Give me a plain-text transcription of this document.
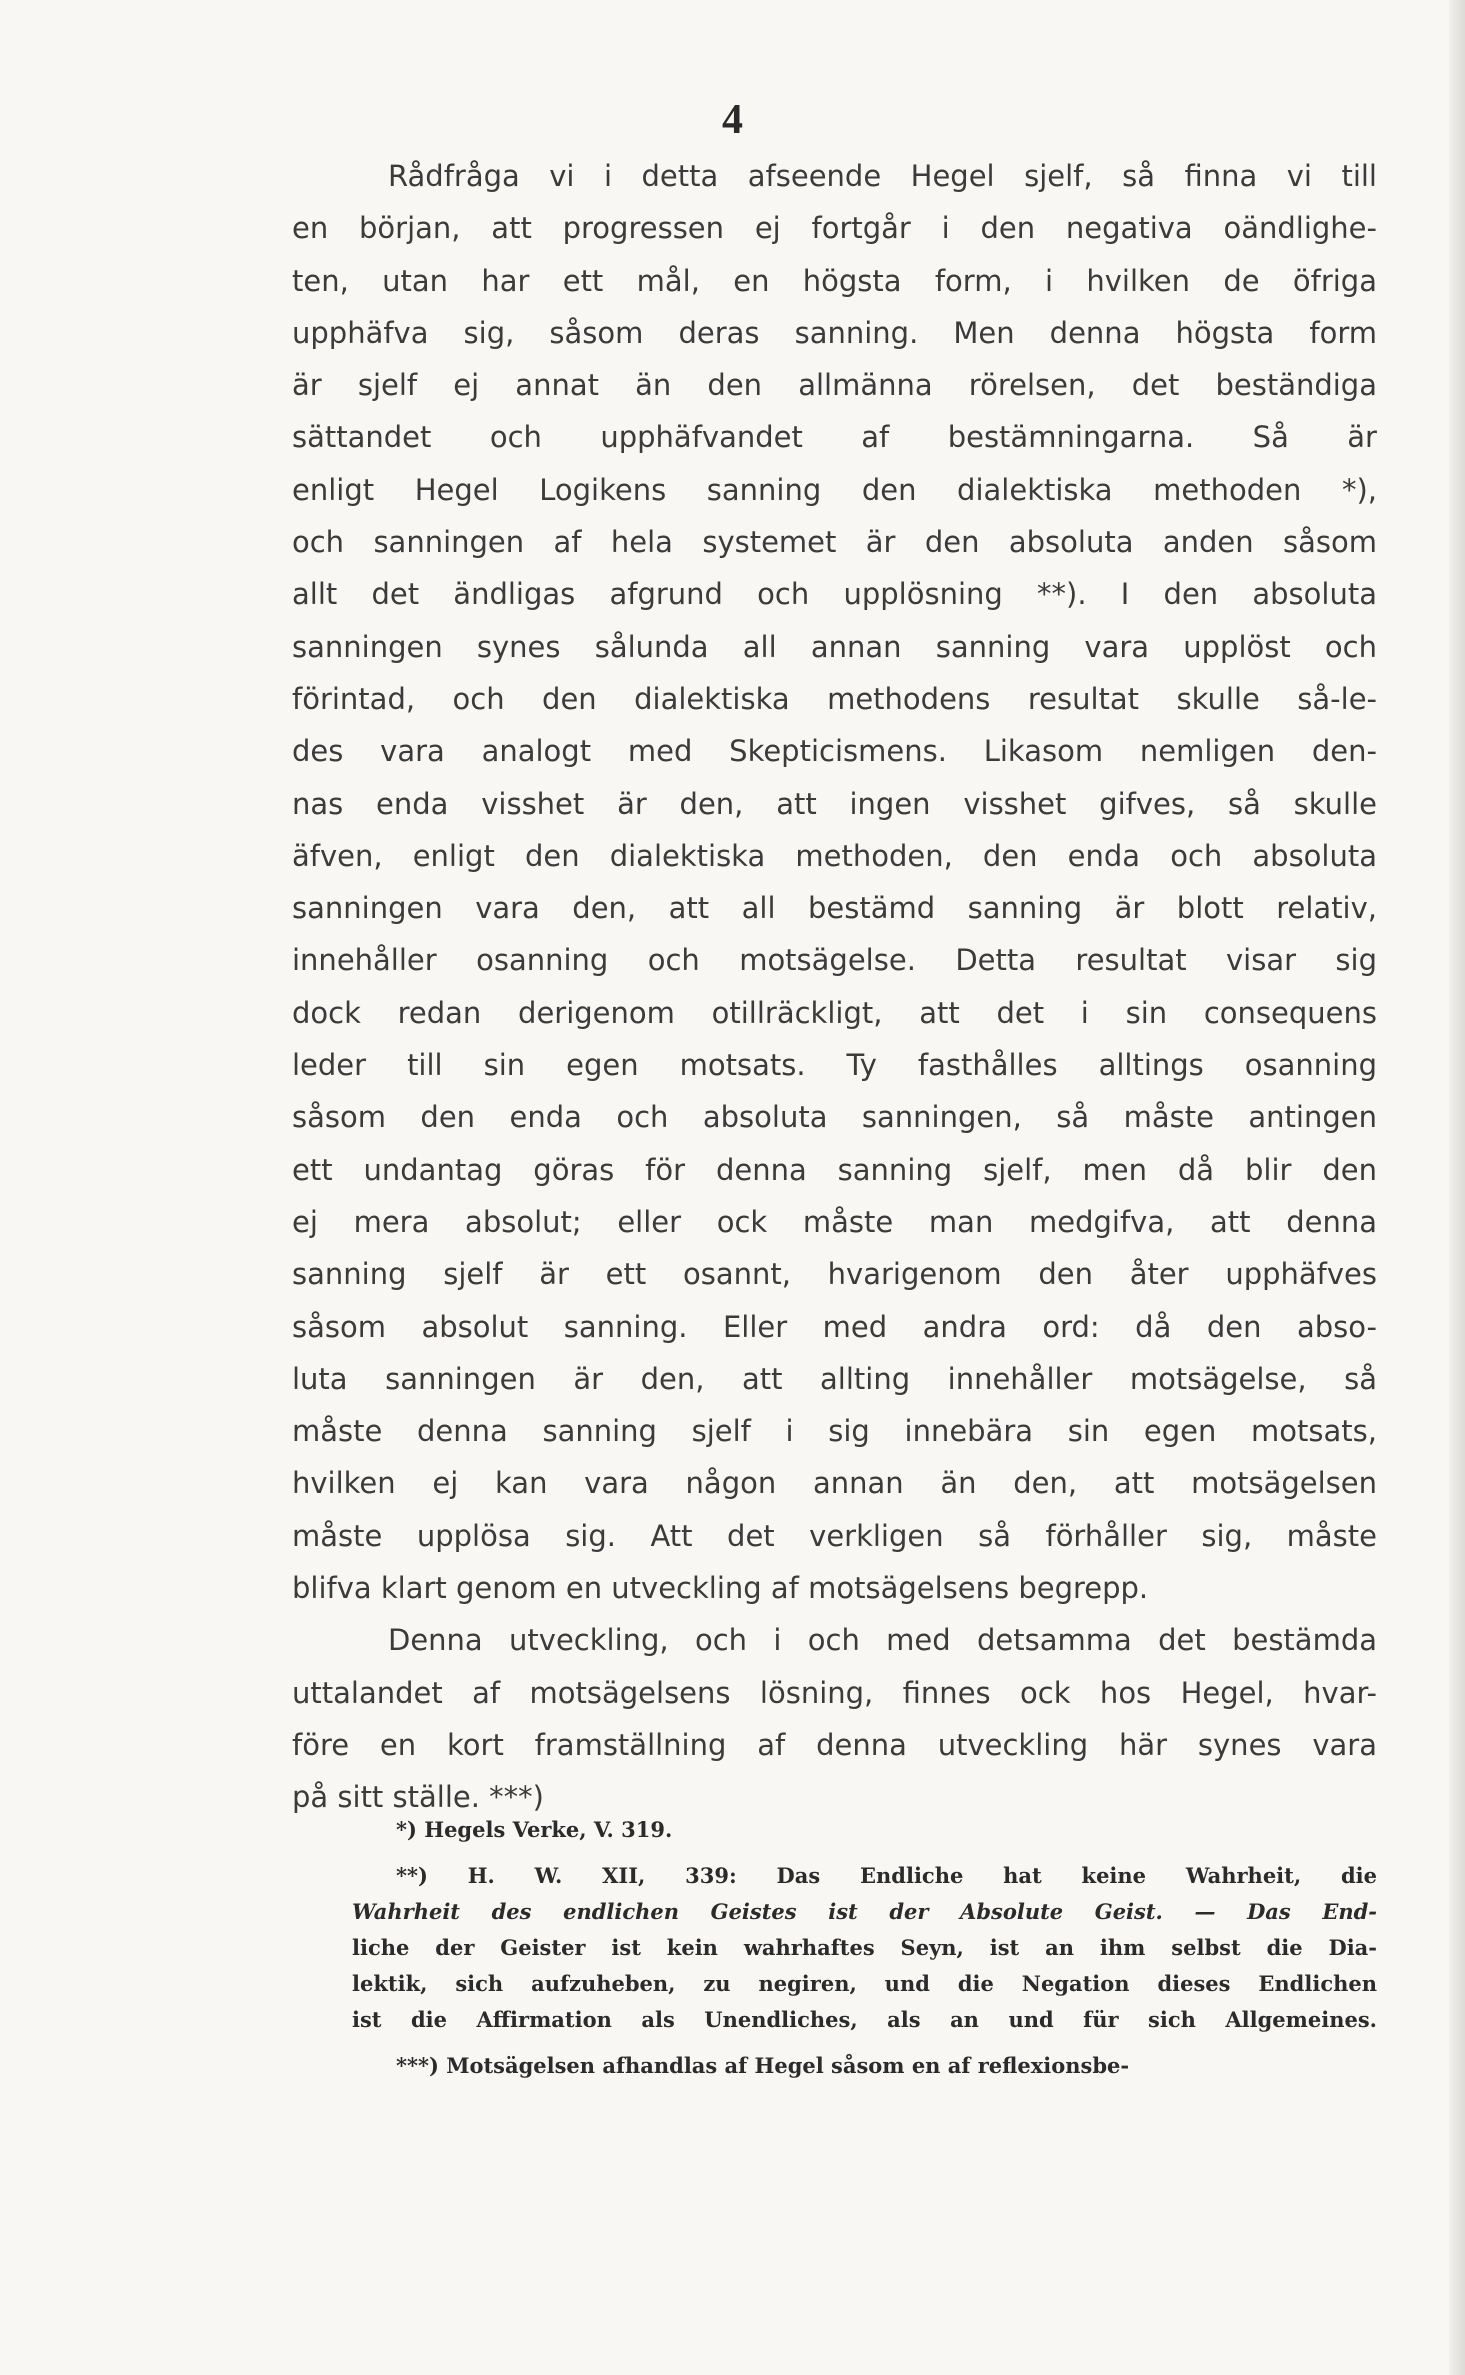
4
Rådfråga vi i detta afseende Hegel sjelf, så finna vi till
en början, att progressen ej fortgår i den negativa oändlighe-
ten, utan har ett mål, en högsta form, i hvilken de öfriga
upphäfva sig, såsom deras sanning. Men denna högsta form
är sjelf ej annat än den allmänna rörelsen, det beständiga
sättandet och upphäfvandet af bestämningarna. Så är
enligt Hegel Logikens sanning den dialektiska methoden *),
och sanningen af hela systemet är den absoluta anden såsom
allt det ändligas afgrund och upplösning **). I den absoluta
sanningen synes sålunda all annan sanning vara upplöst och
förintad, och den dialektiska methodens resultat skulle så-le-
des vara analogt med Skepticismens. Likasom nemligen den-
nas enda visshet är den, att ingen visshet gifves, så skulle
äfven, enligt den dialektiska methoden, den enda och absoluta
sanningen vara den, att all bestämd sanning är blott relativ,
innehåller osanning och motsägelse. Detta resultat visar sig
dock redan derigenom otillräckligt, att det i sin consequens
leder till sin egen motsats. Ty fasthålles alltings osanning
såsom den enda och absoluta sanningen, så måste antingen
ett undantag göras för denna sanning sjelf, men då blir den
ej mera absolut; eller ock måste man medgifva, att denna
sanning sjelf är ett osannt, hvarigenom den åter upphäfves
såsom absolut sanning. Eller med andra ord: då den abso-
luta sanningen är den, att allting innehåller motsägelse, så
måste denna sanning sjelf i sig innebära sin egen motsats,
hvilken ej kan vara någon annan än den, att motsägelsen
måste upplösa sig. Att det verkligen så förhåller sig, måste
blifva klart genom en utveckling af motsägelsens begrepp.
Denna utveckling, och i och med detsamma det bestämda
uttalandet af motsägelsens lösning, finnes ock hos Hegel, hvar-
före en kort framställning af denna utveckling här synes vara
på sitt ställe. ***)
*) Hegels Verke, V. 319.
**) H. W. XII, 339: Das Endliche hat keine Wahrheit, die
Wahrheit des endlichen Geistes ist der Absolute Geist. — Das End-
liche der Geister ist kein wahrhaftes Seyn, ist an ihm selbst die Dia-
lektik, sich aufzuheben, zu negiren, und die Negation dieses Endlichen
ist die Affirmation als Unendliches, als an und für sich Allgemeines.
***) Motsägelsen afhandlas af Hegel såsom en af reflexionsbe-
